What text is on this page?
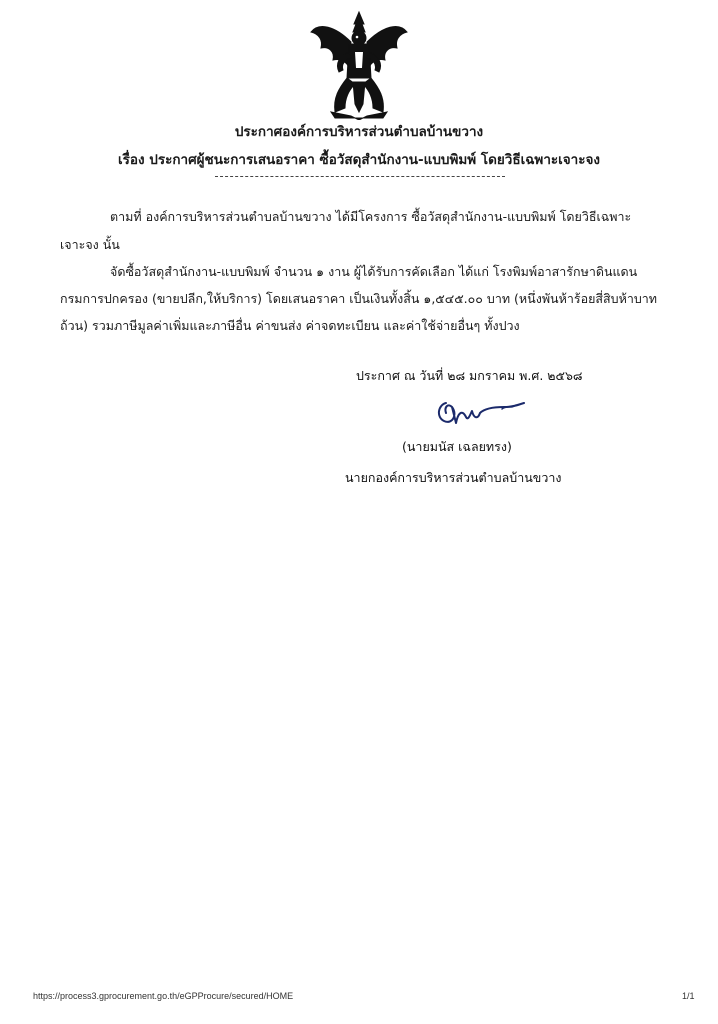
ประกาศองค์การบริหารส่วนตำบลบ้านขวาง
เรื่อง ประกาศผู้ชนะการเสนอราคา ซื้อวัสดุสำนักงาน-แบบพิมพ์ โดยวิธีเฉพาะเจาะจง
ตามที่ องค์การบริหารส่วนตำบลบ้านขวาง ได้มีโครงการ ซื้อวัสดุสำนักงาน-แบบพิมพ์ โดยวิธีเฉพาะ
เจาะจง นั้น
จัดซื้อวัสดุสำนักงาน-แบบพิมพ์ จำนวน ๑ งาน ผู้ได้รับการคัดเลือก ได้แก่ โรงพิมพ์อาสารักษาดินแดน
กรมการปกครอง (ขายปลีก,ให้บริการ) โดยเสนอราคา เป็นเงินทั้งสิ้น ๑,๕๔๕.๐๐ บาท (หนึ่งพันห้าร้อยสี่สิบห้าบาท
ถ้วน) รวมภาษีมูลค่าเพิ่มและภาษีอื่น ค่าขนส่ง ค่าจดทะเบียน และค่าใช้จ่ายอื่นๆ ทั้งปวง
ประกาศ ณ วันที่ ๒๘ มกราคม พ.ศ. ๒๕๖๘
(นายมนัส เฉลยทรง)
นายกองค์การบริหารส่วนตำบลบ้านขวาง
https://process3.gprocurement.go.th/eGPProcure/secured/HOME	1/1
